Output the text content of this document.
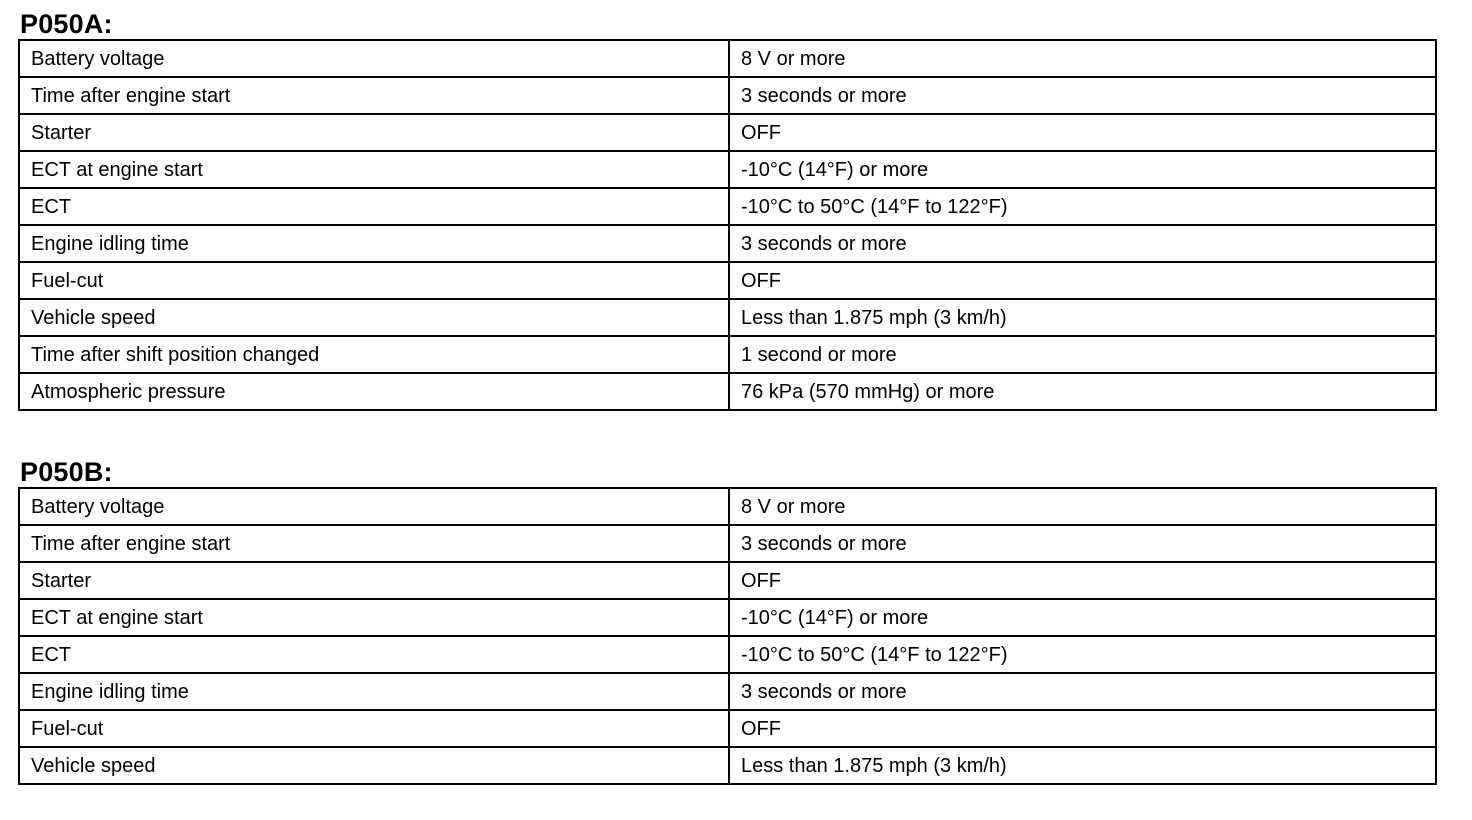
P050A:
Battery voltage	8 V or more
Time after engine start	3 seconds or more
Starter	OFF
ECT at engine start	-10°C (14°F) or more
ECT	-10°C to 50°C (14°F to 122°F)
Engine idling time	3 seconds or more
Fuel-cut	OFF
Vehicle speed	Less than 1.875 mph (3 km/h)
Time after shift position changed	1 second or more
Atmospheric pressure	76 kPa (570 mmHg) or more
P050B:
Battery voltage	8 V or more
Time after engine start	3 seconds or more
Starter	OFF
ECT at engine start	-10°C (14°F) or more
ECT	-10°C to 50°C (14°F to 122°F)
Engine idling time	3 seconds or more
Fuel-cut	OFF
Vehicle speed	Less than 1.875 mph (3 km/h)
